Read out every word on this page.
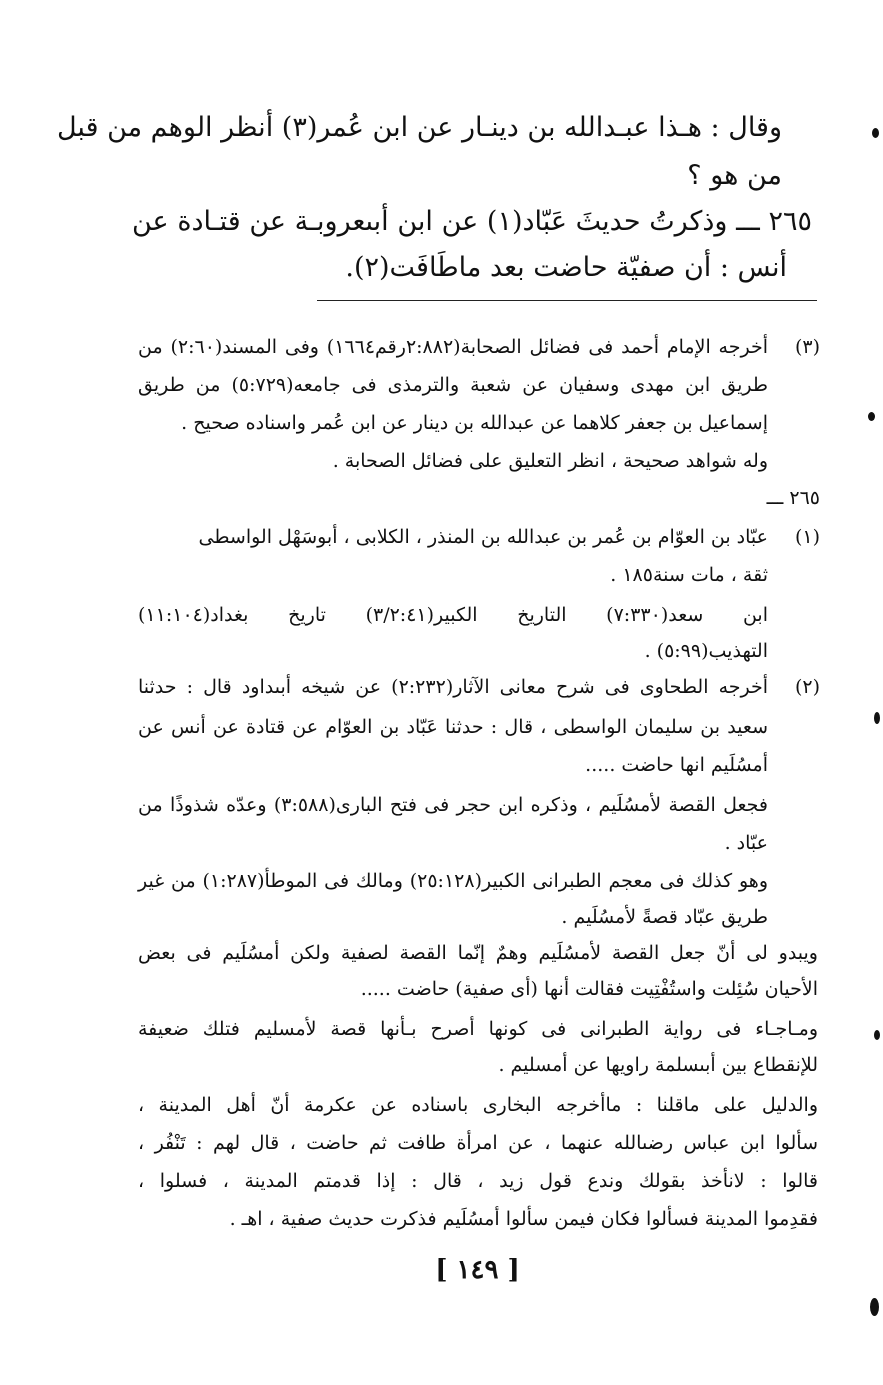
وقال : هـذا عبـدالله بن دينـار عن ابن عُمر(٣) أنظر الوهم من قبل
من هو ؟
٢٦٥ ـــ وذكرتُ حديثَ عَبّاد(١) عن ابن أبىعروبـة عن قتـادة عن
أنس : أن صفيّة حاضت بعد ماطَافَت(٢).
(٣)
أخرجه الإمام أحمد فى فضائل الصحابة(٢:٨٨٢رقم١٦٦٤) وفى المسند(٢:٦٠) من
طريق ابن مهدى وسفيان عن شعبة والترمذى فى جامعه(٥:٧٢٩) من طريق
إسماعيل بن جعفر كلاهما عن عبدالله بن دينار عن ابن عُمر واسناده صحيح .
وله شواهد صحيحة ، انظر التعليق على فضائل الصحابة .
٢٦٥ ـــ
(١)
عبّاد بن العوّام بن عُمر بن عبدالله بن المنذر ، الكلابى ، أبوسَهْل الواسطى
ثقة ، مات سنة١٨٥ .
ابن سعد(٧:٣٣٠) التاريخ الكبير(٣/٢:٤١) تاريخ بغداد(١١:١٠٤)
التهذيب(٥:٩٩) .
(٢)
أخرجه الطحاوى فى شرح معانى الآثار(٢:٢٣٢) عن شيخه أبىداود قال : حدثنا
سعيد بن سليمان الواسطى ، قال : حدثنا عَبّاد بن العوّام عن قتادة عن أنس عن
أمسُلَيم انها حاضت .....
فجعل القصة لأمسُلَيم ، وذكره ابن حجر فى فتح البارى(٣:٥٨٨) وعدّه شذوذًا من
عبّاد .
وهو كذلك فى معجم الطبرانى الكبير(٢٥:١٢٨) ومالك فى الموطأ(١:٢٨٧) من غير
طريق عبّاد قصةً لأمسُلَيم .
ويبدو لى أنّ جعل القصة لأمسُلَيم وهمٌ إنّما القصة لصفية ولكن أمسُلَيم فى بعض
الأحيان سُئِلت واستُفْتِيت فقالت أنها (أى صفية) حاضت .....
ومـاجـاء فى رواية الطبرانى فى كونها أصرح بـأنها قصة لأمسليم فتلك ضعيفة
للإنقطاع بين أبىسلمة راويها عن أمسليم .
والدليل على ماقلنا : ماأخرجه البخارى باسناده عن عكرمة أنّ أهل المدينة ،
سألوا ابن عباس رضىالله عنهما ، عن امرأة طافت ثم حاضت ، قال لهم : تَنْفُر ،
قالوا : لانأخذ بقولك وندع قول زيد ، قال : إذا قدمتم المدينة ، فسلوا ،
فقدِموا المدينة فسألوا فكان فيمن سألوا أمسُلَيم فذكرت حديث صفية ، اهـ .
[ ١٤٩ ]
